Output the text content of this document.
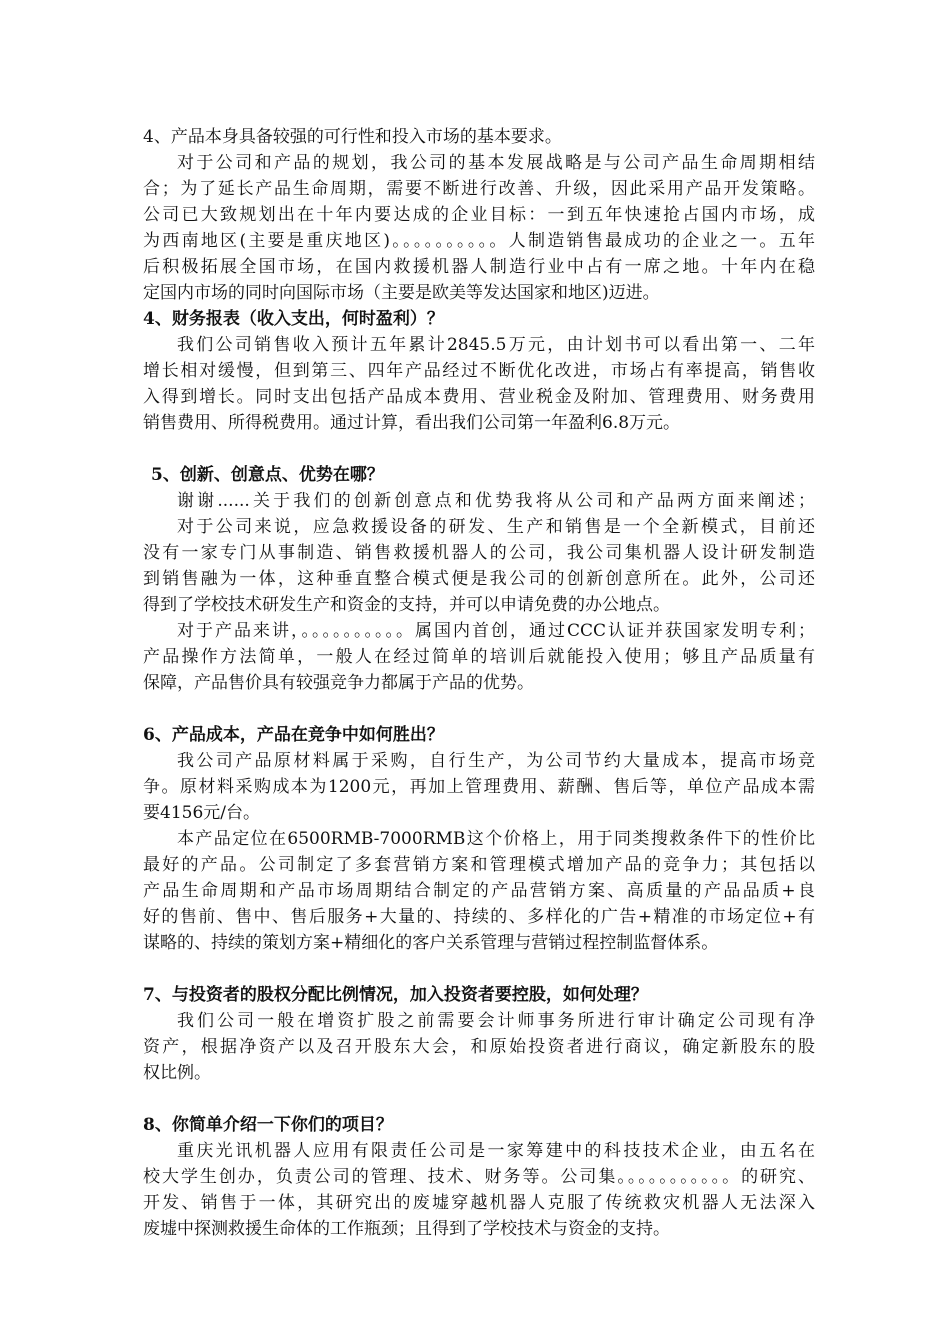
4、产品本身具备较强的可行性和投入市场的基本要求。
对于公司和产品的规划，我公司的基本发展战略是与公司产品生命周期相结
合；为了延长产品生命周期，需要不断进行改善、升级，因此采用产品开发策略。
公司已大致规划出在十年内要达成的企业目标：一到五年快速抢占国内市场，成
为西南地区(主要是重庆地区)。。。。。。。。。。人制造销售最成功的企业之一。五年
后积极拓展全国市场，在国内救援机器人制造行业中占有一席之地。十年内在稳
定国内市场的同时向国际市场（主要是欧美等发达国家和地区)迈进。
4、财务报表（收入支出，何时盈利）？
我们公司销售收入预计五年累计2845.5万元，由计划书可以看出第一、二年
增长相对缓慢，但到第三、四年产品经过不断优化改进，市场占有率提高，销售收
入得到增长。同时支出包括产品成本费用、营业税金及附加、管理费用、财务费用
销售费用、所得税费用。通过计算，看出我们公司第一年盈利6.8万元。
5、创新、创意点、优势在哪？
谢谢......关于我们的创新创意点和优势我将从公司和产品两方面来阐述；
对于公司来说，应急救援设备的研发、生产和销售是一个全新模式，目前还
没有一家专门从事制造、销售救援机器人的公司，我公司集机器人设计研发制造
到销售融为一体，这种垂直整合模式便是我公司的创新创意所在。此外，公司还
得到了学校技术研发生产和资金的支持，并可以申请免费的办公地点。
对于产品来讲，。。。。。。。。。。属国内首创，通过CCC认证并获国家发明专利；
产品操作方法简单，一般人在经过简单的培训后就能投入使用；够且产品质量有
保障，产品售价具有较强竞争力都属于产品的优势。
6、产品成本，产品在竞争中如何胜出？
我公司产品原材料属于采购，自行生产，为公司节约大量成本，提高市场竞
争。原材料采购成本为1200元，再加上管理费用、薪酬、售后等，单位产品成本需
要4156元/台。
本产品定位在6500RMB-7000RMB这个价格上，用于同类搜救条件下的性价比
最好的产品。公司制定了多套营销方案和管理模式增加产品的竞争力；其包括以
产品生命周期和产品市场周期结合制定的产品营销方案、高质量的产品品质+良
好的售前、售中、售后服务+大量的、持续的、多样化的广告+精准的市场定位+有
谋略的、持续的策划方案+精细化的客户关系管理与营销过程控制监督体系。
7、与投资者的股权分配比例情况，加入投资者要控股，如何处理？
我们公司一般在增资扩股之前需要会计师事务所进行审计确定公司现有净
资产，根据净资产以及召开股东大会，和原始投资者进行商议，确定新股东的股
权比例。
8、你简单介绍一下你们的项目？
重庆光讯机器人应用有限责任公司是一家筹建中的科技技术企业，由五名在
校大学生创办，负责公司的管理、技术、财务等。公司集。。。。。。。。。。。的研究、
开发、销售于一体，其研究出的废墟穿越机器人克服了传统救灾机器人无法深入
废墟中探测救援生命体的工作瓶颈；且得到了学校技术与资金的支持。
